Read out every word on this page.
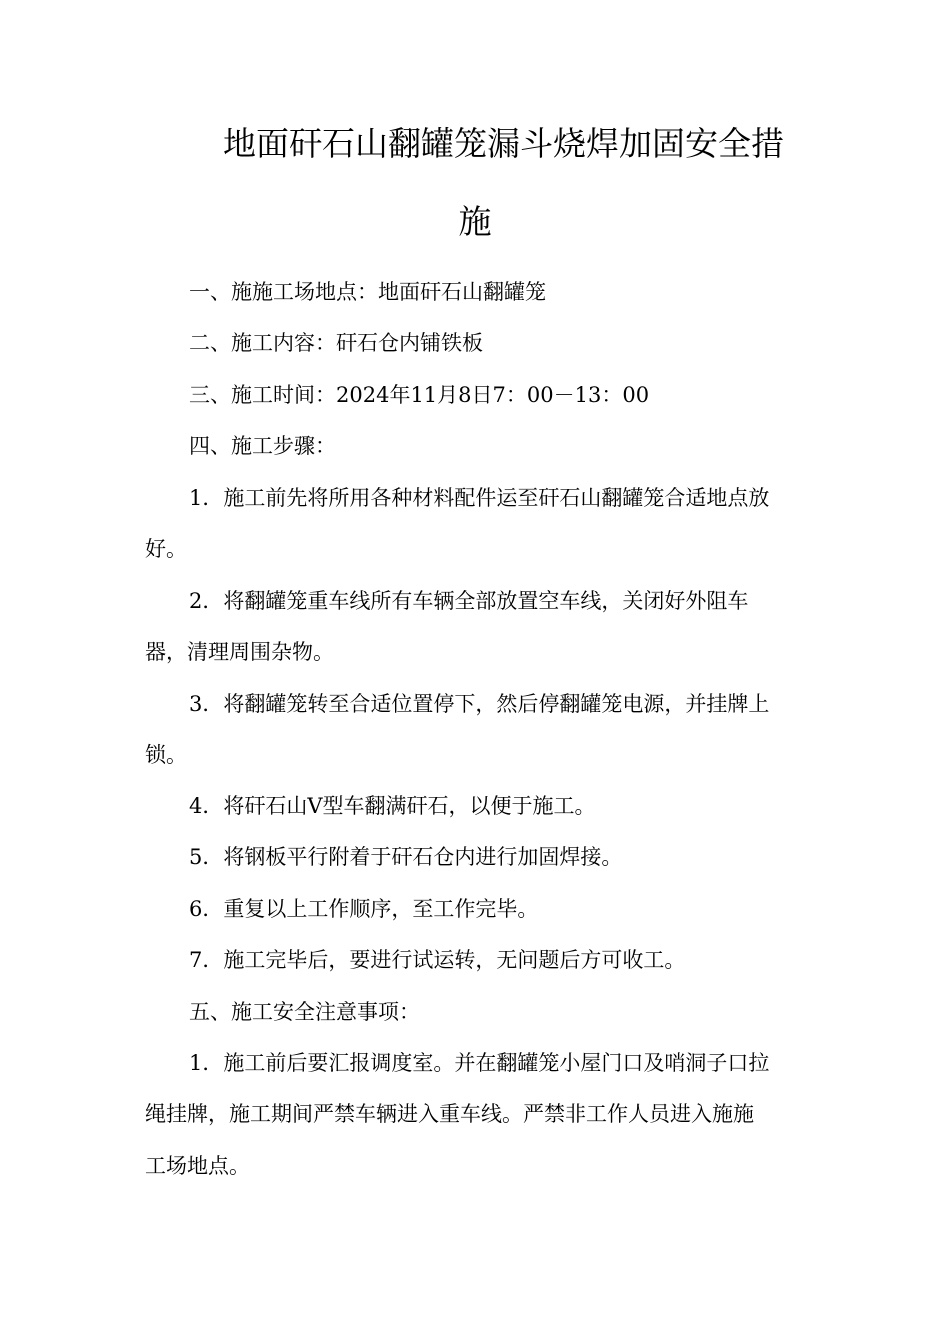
地面矸石山翻罐笼漏斗烧焊加固安全措
施
一、施施工场地点：地面矸石山翻罐笼
二、施工内容：矸石仓内铺铁板
三、施工时间：2024年11月8日7：00－13：00
四、施工步骤：
1．施工前先将所用各种材料配件运至矸石山翻罐笼合适地点放
好。
2．将翻罐笼重车线所有车辆全部放置空车线，关闭好外阻车
器，清理周围杂物。
3．将翻罐笼转至合适位置停下，然后停翻罐笼电源，并挂牌上
锁。
4．将矸石山V型车翻满矸石，以便于施工。
5．将钢板平行附着于矸石仓内进行加固焊接。
6．重复以上工作顺序，至工作完毕。
7．施工完毕后，要进行试运转，无问题后方可收工。
五、施工安全注意事项：
1．施工前后要汇报调度室。并在翻罐笼小屋门口及哨洞子口拉
绳挂牌，施工期间严禁车辆进入重车线。严禁非工作人员进入施施
工场地点。
